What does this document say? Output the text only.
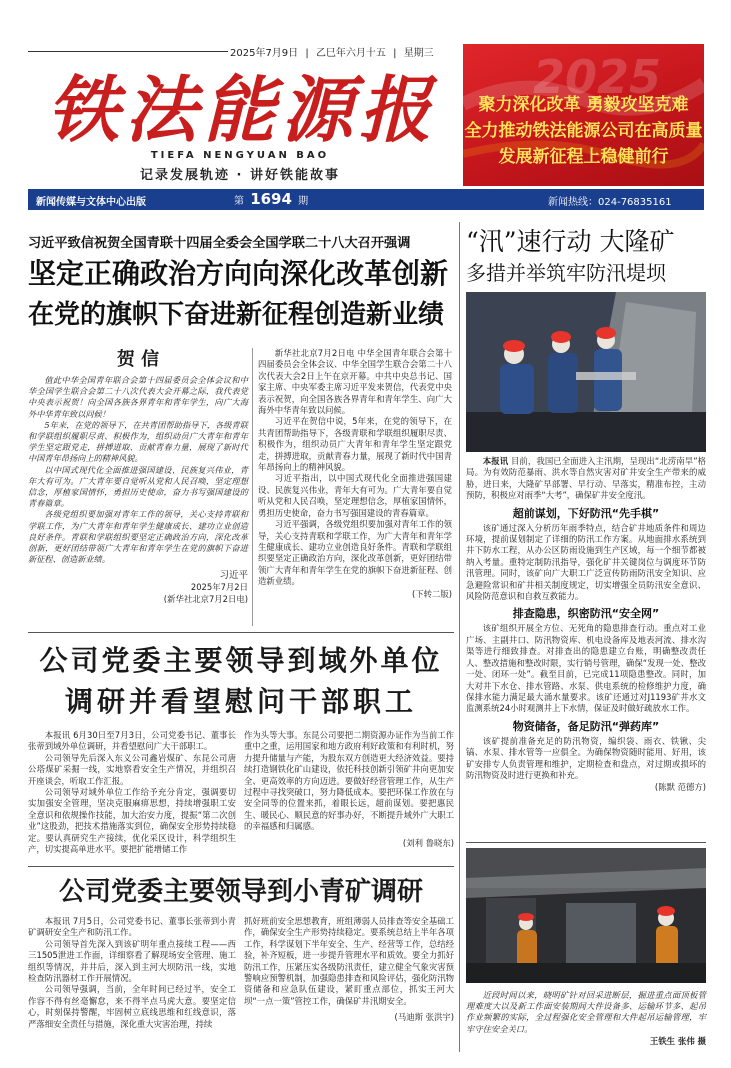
2025年7月9日 | 乙巳年六月十五 | 星期三
铁法能源报
TIEFA NENGYUAN BAO
记录发展轨迹 · 讲好铁能故事
2025
聚力深化改革 勇毅攻坚克难
全力推动铁法能源公司在高质量
发展新征程上稳健前行
新闻传媒与文体中心出版	第 1694 期	新闻热线：024-76835161
习近平致信祝贺全国青联十四届全委会全国学联二十八大召开强调
坚定正确政治方向向深化改革创新
在党的旗帜下奋进新征程创造新业绩
贺 信

值此中华全国青年联合会第十四届委员会全体会议和中华全国学生联合会第二十八次代表大会开幕之际，我代表党中央表示祝贺！向全国各族各界青年和青年学生，向广大海外中华青年致以问候！

5年来，在党的领导下，在共青团帮助指导下，各级青联和学联组织履职尽责、积极作为，组织动员广大青年和青年学生坚定跟党走，拼搏进取、贡献青春力量，展现了新时代中国青年昂扬向上的精神风貌。

以中国式现代化全面推进强国建设、民族复兴伟业，青年大有可为。广大青年要自觉听从党和人民召唤，坚定理想信念，厚植家国情怀，勇担历史使命，奋力书写强国建设的青春篇章。

各级党组织要加强对青年工作的领导，关心支持青联和学联工作，为广大青年和青年学生健康成长、建功立业创造良好条件。青联和学联组织要坚定正确政治方向，深化改革创新，更好团结带领广大青年和青年学生在党的旗帜下奋进新征程、创造新业绩。

习近平
2025年7月2日
(新华社北京7月2日电)

新华社北京7月2日电 中华全国青年联合会第十四届委员会全体会议、中华全国学生联合会第二十八次代表大会2日上午在京开幕。中共中央总书记、国家主席、中央军委主席习近平发来贺信，代表党中央表示祝贺，向全国各族各界青年和青年学生、向广大海外中华青年致以问候。

习近平在贺信中说，5年来，在党的领导下，在共青团帮助指导下，各级青联和学联组织履职尽责、积极作为，组织动员广大青年和青年学生坚定跟党走，拼搏进取，贡献青春力量，展现了新时代中国青年昂扬向上的精神风貌。

习近平指出，以中国式现代化全面推进强国建设、民族复兴伟业，青年大有可为。广大青年要自觉听从党和人民召唤，坚定理想信念，厚植家国情怀，勇担历史使命，奋力书写强国建设的青春篇章。

习近平强调，各级党组织要加强对青年工作的领导，关心支持青联和学联工作，为广大青年和青年学生健康成长、建功立业创造良好条件。青联和学联组织要坚定正确政治方向，深化改革创新，更好团结带领广大青年和青年学生在党的旗帜下奋进新征程、创造新业绩。

(下转二版)
公司党委主要领导到域外单位
调研并看望慰问干部职工

本报讯 6月30日至7月3日，公司党委书记、董事长张蒂到域外单位调研，并看望慰问广大干部职工。

公司领导先后深入东义公司鑫岩煤矿、东昆公司唐公塔煤矿采掘一线，实地察看安全生产情况，并组织召开座谈会，听取工作汇报。

公司领导对域外单位工作给予充分肯定，强调要切实加强安全管理，坚决克服麻痹思想，持续增强职工安全意识和依规操作技能，加大治安力度，提振“第二次创业”这股劲，把技术措施落实到位，确保安全形势持续稳定。要认真研究生产接续，优化采区设计，科学组织生产，切实提高单进水平。要把扩能增储工作

作为头等大事。东昆公司要把二期资源办证作为当前工作重中之重，运用国家和地方政府利好政策和有利时机，努力提升储量与产能，为股东双方创造更大经济效益。要持续打造钢铁化矿山建设，依托科技创新引领矿井向更加安全、更高效率的方向迈进。要做好经营管理工作，从生产过程中寻找突破口，努力降低成本。要把环保工作放在与安全同等的位置来抓，着眼长远，超前谋划。要把惠民生、暖民心、顺民意的好事办好，不断提升域外广大职工的幸福感和归属感。

(刘利 鲁晓东)
公司党委主要领导到小青矿调研

本报讯 7月5日，公司党委书记、董事长张蒂到小青矿调研安全生产和防汛工作。

公司领导首先深入到该矿明年重点接续工程——西三1505泄进工作面，详细察看了解现场安全管理、施工组织等情况，并井后，深入到主河大坝防汛一线，实地检查防汛器材工作开展情况。

公司领导强调，当前，全年时间已经过半，安全工作容不得有丝毫懈怠，来不得半点马虎大意。要坚定信心，时刻保持警醒，牢固树立底线思维和红线意识，落严落细安全责任与措施，深化重大灾害治理，持续

抓好班前安全思想教育，班组薄弱人员排查等安全基础工作，确保安全生产形势持续稳定。要系统总结上半年各项工作，科学谋划下半年安全、生产、经营等工作，总结经验，补齐短板，进一步提升管理水平和质效。要全力抓好防汛工作，压紧压实各级防汛责任，建立健全气象灾害预警响应预警机制，加强隐患排查和风险评估，强化防汛物资储备和应急队伍建设，紧盯重点部位，抓实王河大坝“一点一策”管控工作，确保矿井汛期安全。

(马迪斯 张洪宇)
“汛”速行动 大隆矿
多措并举筑牢防汛堤坝

本报讯 目前，我国已全面进入主汛期，呈现出“北涝南旱”格局。为有效防范暴雨、洪水等自然灾害对矿井安全生产带来的威胁，进日来，大隆矿早部署、早行动、早落实，精准布控，主动预防，积极应对雨季“大考”，确保矿井安全度汛。

超前谋划，下好防汛“先手棋”

该矿通过深入分析历年雨季特点，结合矿井地质条件和周边环境，提前谋划制定了详细的防汛工作方案。从地面排水系统到井下防水工程，从办公区防雨设施到生产区域，每一个细节都被纳入考量。重特定制防汛指导，强化矿井关键岗位与调度环节防汛管理。同时，该矿向广大职工广泛宣传防雨防汛安全知识、应急避险常识和矿井相关制度规定，切实增强全员防汛安全意识、风险防范意识和自救互救能力。

排查隐患，织密防汛“安全网”

该矿组织开展全方位、无死角的隐患排查行动。重点对工业广场、主副井口、防汛物资库、机电设备库及地表河流、排水沟渠等进行细致排查。对排查出的隐患建立台账，明确整改责任人、整改措施和整改时限，实行销号管理，确保“发现一处、整改一处、闭环一处”。截至目前，已完成11项隐患整改。同时，加大对井下水仓、排水管路、水泵、供电系统的检修维护力度，确保排水能力满足最大涌水量要求。该矿还通过对J1193矿井水文监测系统24小时观测井上下水情，保证及时做好疏放水工作。

物资储备，备足防汛“弹药库”

该矿提前准备充足的防汛物资，编织袋、雨衣、铁锹、尖镐、水泵、排水管等一应俱全。为确保物资随时能用、好用，该矿安排专人负责管理和维护，定期检查和盘点，对过期或损坏的防汛物资及时进行更换和补充。

(陈默 范德方)

近段时间以来，晓明矿针对回采进断层，掘进重点面顶板管理难度大以及新工作面安装期间大件设备多、运输环节多、起吊作业频繁的实际，全过程强化安全管理和大件起吊运输管理，牢牢守住安全关口。

王铁生 张伟 摄
